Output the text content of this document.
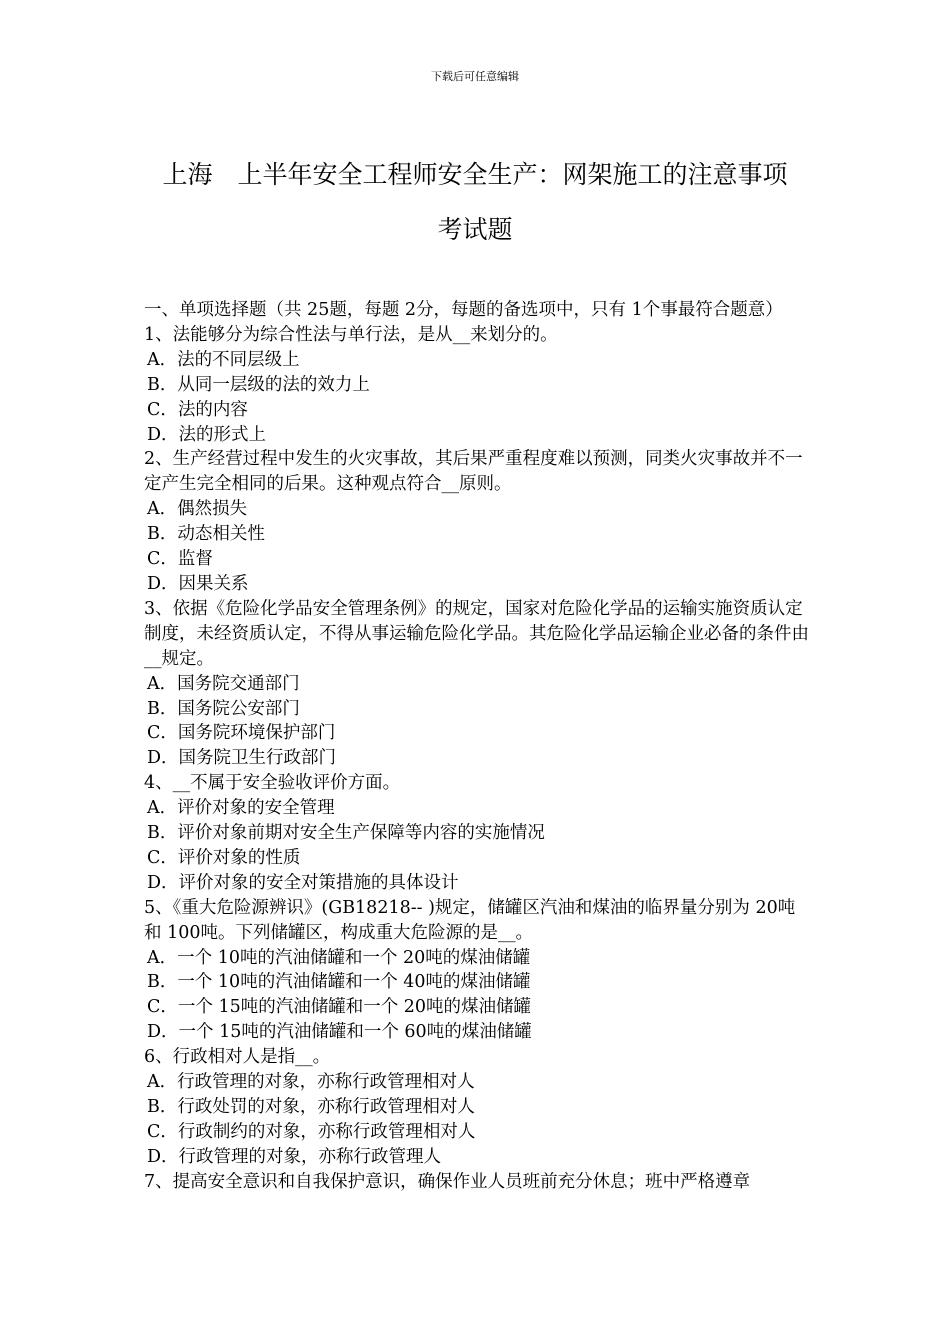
下载后可任意编辑
上海　上半年安全工程师安全生产：网架施工的注意事项
考试题

一、单项选择题（共 25题，每题 2分，每题的备选项中，只有 1个事最符合题意）

1、法能够分为综合性法与单行法，是从__来划分的。

A．法的不同层级上

B．从同一层级的法的效力上

C．法的内容

D．法的形式上

2、生产经营过程中发生的火灾事故，其后果严重程度难以预测，同类火灾事故并不一定产生完全相同的后果。这种观点符合__原则。

A．偶然损失

B．动态相关性

C．监督

D．因果关系

3、依据《危险化学品安全管理条例》的规定，国家对危险化学品的运输实施资质认定制度，未经资质认定，不得从事运输危险化学品。其危险化学品运输企业必备的条件由__规定。

A．国务院交通部门

B．国务院公安部门

C．国务院环境保护部门

D．国务院卫生行政部门

4、__不属于安全验收评价方面。

A．评价对象的安全管理

B．评价对象前期对安全生产保障等内容的实施情况

C．评价对象的性质

D．评价对象的安全对策措施的具体设计

5、《重大危险源辨识》(GB18218-- )规定，储罐区汽油和煤油的临界量分别为 20吨和 100吨。下列储罐区，构成重大危险源的是__。

A．一个 10吨的汽油储罐和一个 20吨的煤油储罐

B．一个 10吨的汽油储罐和一个 40吨的煤油储罐

C．一个 15吨的汽油储罐和一个 20吨的煤油储罐

D．一个 15吨的汽油储罐和一个 60吨的煤油储罐

6、行政相对人是指__。

A．行政管理的对象，亦称行政管理相对人

B．行政处罚的对象，亦称行政管理相对人

C．行政制约的对象，亦称行政管理相对人

D．行政管理的对象，亦称行政管理人

7、提高安全意识和自我保护意识，确保作业人员班前充分休息；班中严格遵章
